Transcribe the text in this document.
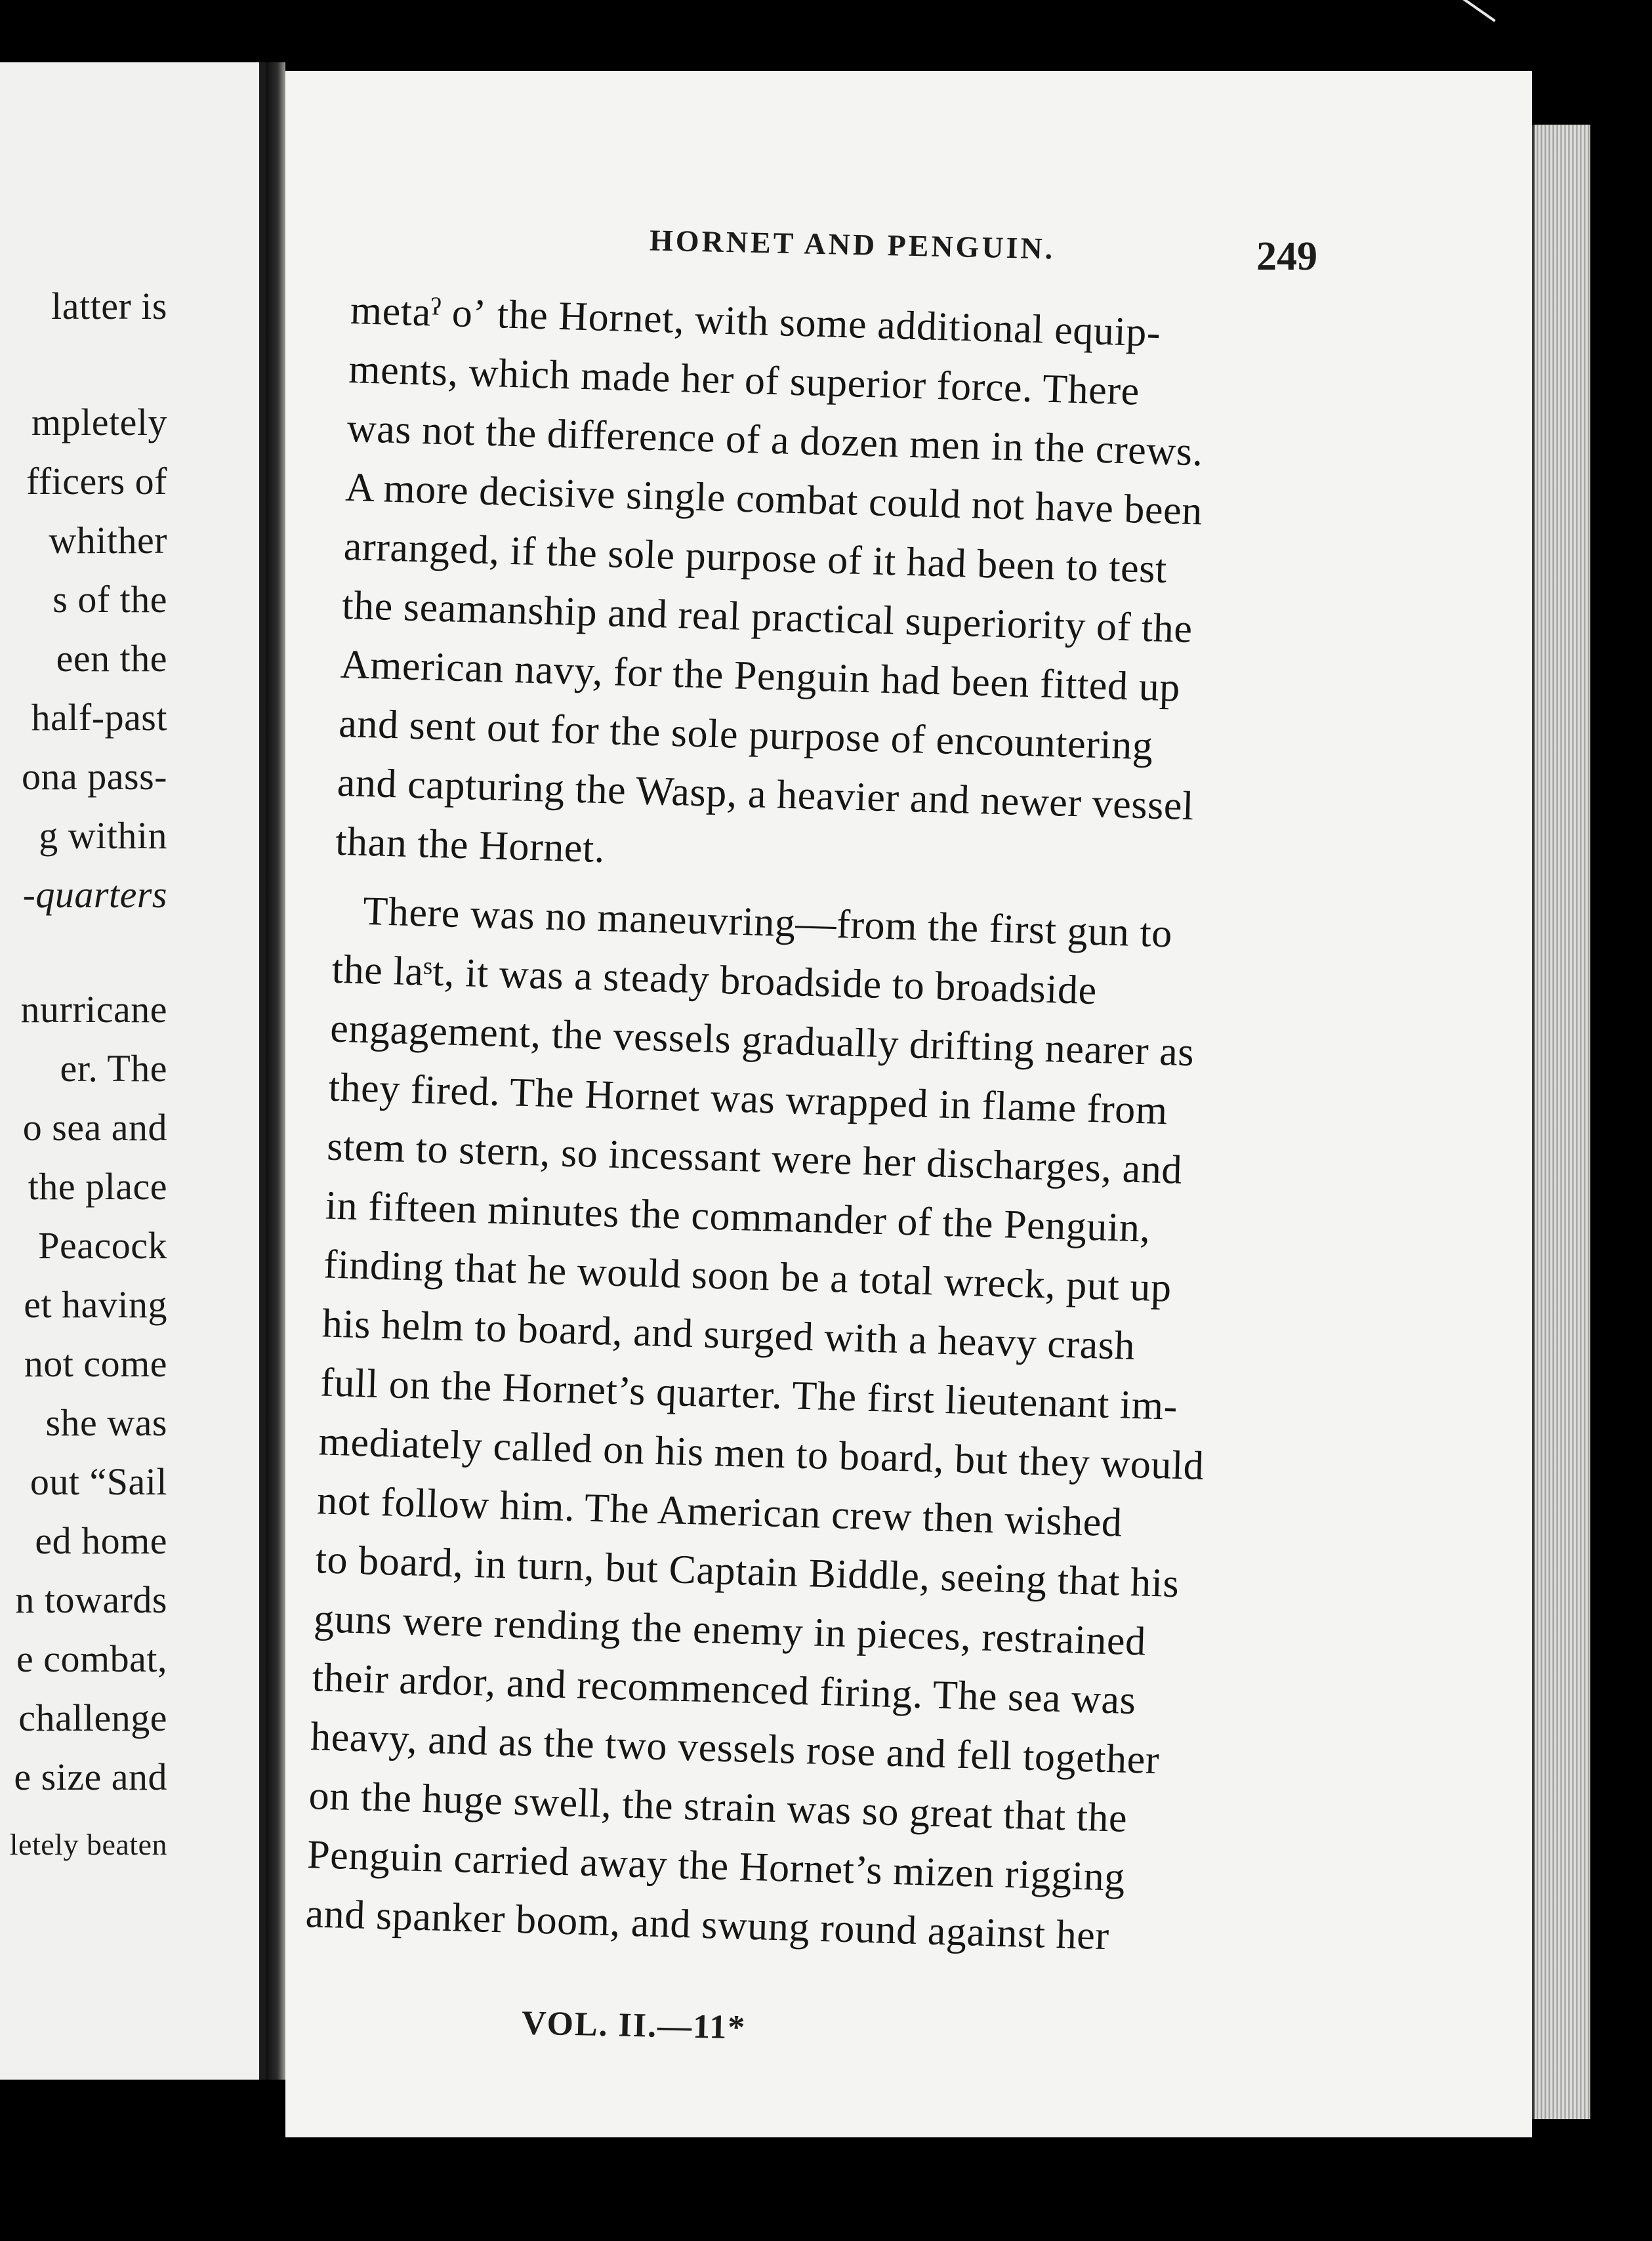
latter is
mpletely
fficers of
whither
s of the
een the
half-past
ona pass-
g within
-quarters
nurricane
er. The
o sea and
the place
Peacock
et having
not come
she was
out “Sail
ed home
n towards
e combat,
challenge
e size and
letely beaten
HORNET AND PENGUIN.	249
metaˀ oʼ the Hornet, with some additional equip-
ments, which made her of superior force. There
was not the difference of a dozen men in the crews.
A more decisive single combat could not have been
arranged, if the sole purpose of it had been to test
the seamanship and real practical superiority of the
American navy, for the Penguin had been fitted up
and sent out for the sole purpose of encountering
and capturing the Wasp, a heavier and newer vessel
than the Hornet.
There was no maneuvring—from the first gun to
the laˢt, it was a steady broadside to broadside
engagement, the vessels gradually drifting nearer as
they fired. The Hornet was wrapped in flame from
stem to stern, so incessant were her discharges, and
in fifteen minutes the commander of the Penguin,
finding that he would soon be a total wreck, put up
his helm to board, and surged with a heavy crash
full on the Hornet’s quarter. The first lieutenant im-
mediately called on his men to board, but they would
not follow him. The American crew then wished
to board, in turn, but Captain Biddle, seeing that his
guns were rending the enemy in pieces, restrained
their ardor, and recommenced firing. The sea was
heavy, and as the two vessels rose and fell together
on the huge swell, the strain was so great that the
Penguin carried away the Hornet’s mizen rigging
and spanker boom, and swung round against her
VOL. II.—11*
